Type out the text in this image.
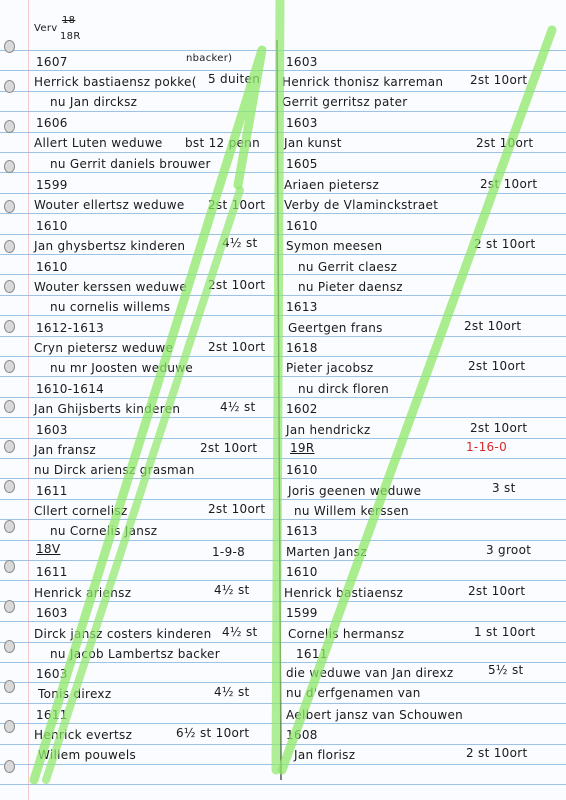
Verv
18
18R
1607	nbacker)
Herrick bastiaensz pokke( 5 duiten
nu Jan dircksz
1606
Allert Luten weduwe bst 12 penn
nu Gerrit daniels brouwer
1599
Wouter ellertsz weduwe 2st 10ort
1610
Jan ghysbertsz kinderen	4½ st
1610
Wouter kerssen weduwe 2st 10ort
nu cornelis willems
1612-1613
Cryn pietersz weduwe	2st 10ort
nu mr Joosten weduwe
1610-1614
Jan Ghijsberts kinderen	4½ st
1603
Jan fransz	2st 10ort
nu Dirck ariensz grasman
1611
Cllert cornelisz	2st 10ort
nu Cornelis Jansz
18V	1-9-8
1611
Henrick ariensz	4½ st
1603
Dirck jansz costers kinderen 4½ st
nu Jacob Lambertsz backer
1603
Tonis direxz	4½ st
1611
Henrick evertsz	6½ st 10ort
Willem pouwels
1603
Henrick thonisz karreman 2st 10ort
Gerrit gerritsz pater
1603
Jan kunst	2st 10ort
1605
Ariaen pietersz	2st 10ort
Verby de Vlaminckstraet
1610
Symon meesen	2 st 10ort
nu Gerrit claesz
nu Pieter daensz
1613
Geertgen frans	2st 10ort
1618
Pieter jacobsz	2st 10ort
nu dirck floren
1602
Jan hendrickz	2st 10ort
19R	1-16-0
1610
Joris geenen weduwe	3 st
nu Willem kerssen
1613
Marten Jansz	3 groot
1610
Henrick bastiaensz	2st 10ort
1599
Cornelis hermansz	1 st 10ort
1611
die weduwe van Jan direxz	5½ st
nu d'erfgenamen van
Aelbert jansz van Schouwen
1608
Jan florisz	2 st 10ort
